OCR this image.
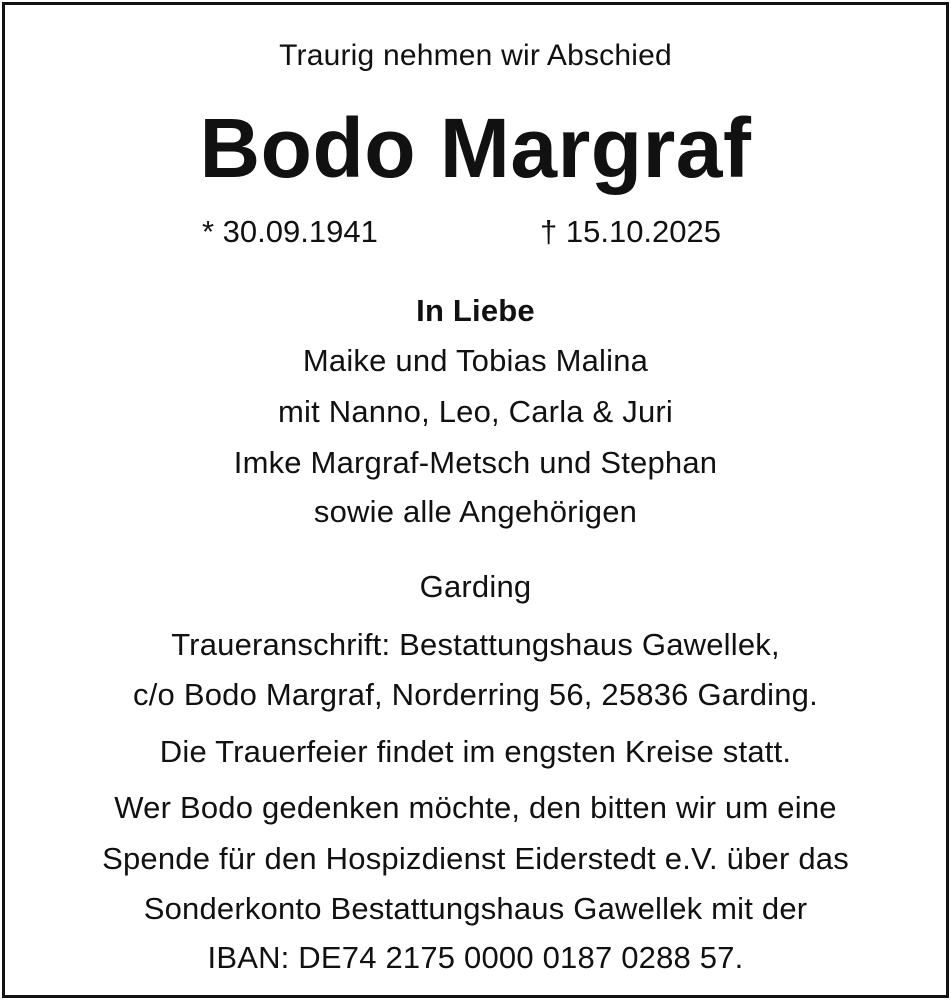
Traurig nehmen wir Abschied
Bodo Margraf
* 30.09.1941	† 15.10.2025
In Liebe
Maike und Tobias Malina
mit Nanno, Leo, Carla & Juri
Imke Margraf-Metsch und Stephan
sowie alle Angehörigen
Garding
Traueranschrift: Bestattungshaus Gawellek,
c/o Bodo Margraf, Norderring 56, 25836 Garding.
Die Trauerfeier findet im engsten Kreise statt.
Wer Bodo gedenken möchte, den bitten wir um eine
Spende für den Hospizdienst Eiderstedt e.V. über das
Sonderkonto Bestattungshaus Gawellek mit der
IBAN: DE74 2175 0000 0187 0288 57.
